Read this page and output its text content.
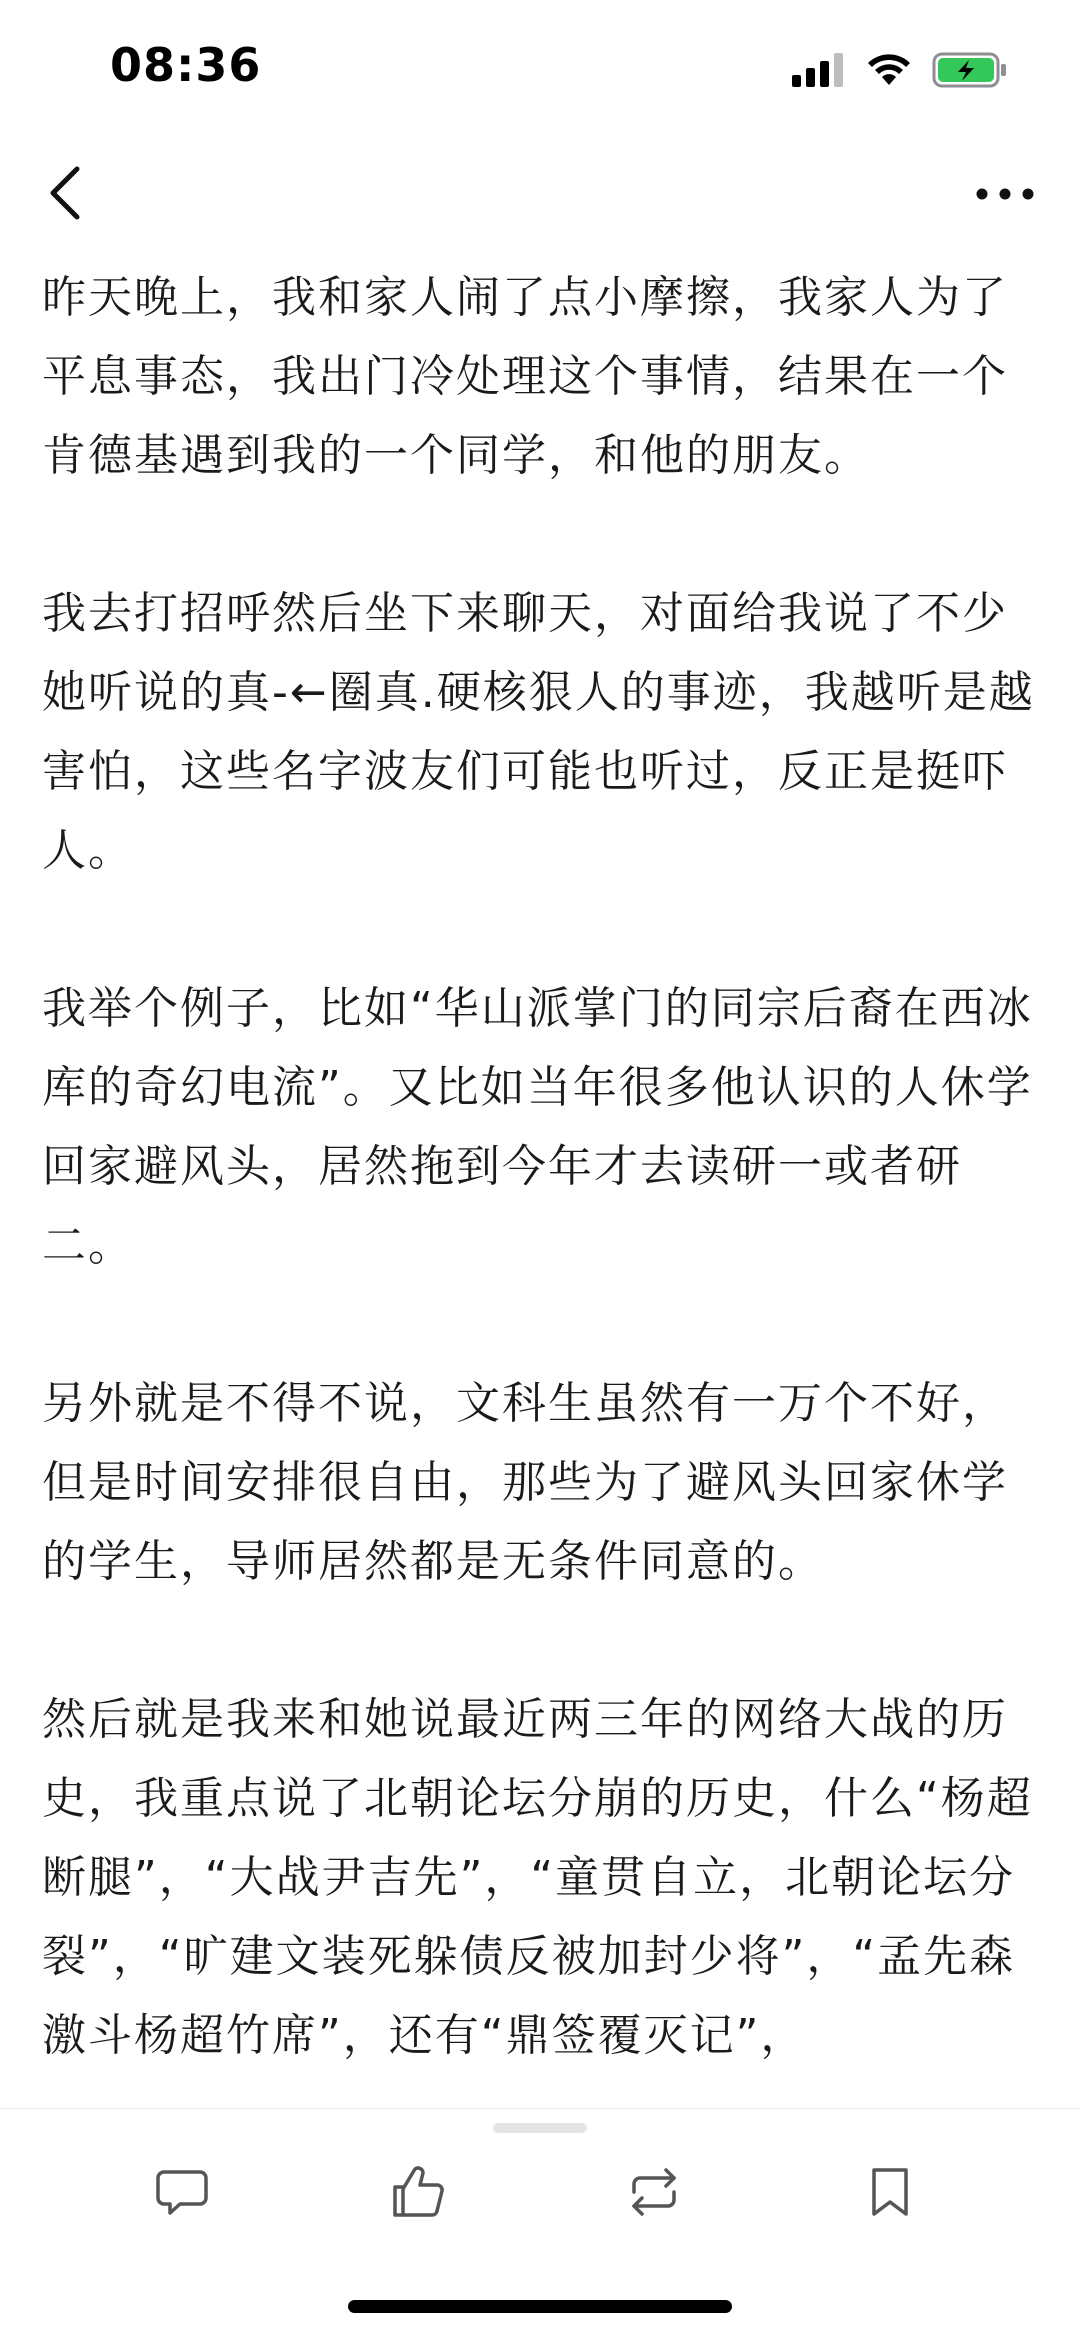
08:36

昨天晚上，我和家人闹了点小摩擦，我家人为了平息事态，我出门冷处理这个事情，结果在一个肯德基遇到我的一个同学，和他的朋友。

我去打招呼然后坐下来聊天，对面给我说了不少她听说的真-←圈真.硬核狠人的事迹，我越听是越害怕，这些名字波友们可能也听过，反正是挺吓人。

我举个例子，比如“华山派掌门的同宗后裔在西冰库的奇幻电流”。又比如当年很多他认识的人休学回家避风头，居然拖到今年才去读研一或者研二。

另外就是不得不说，文科生虽然有一万个不好，但是时间安排很自由，那些为了避风头回家休学的学生，导师居然都是无条件同意的。

然后就是我来和她说最近两三年的网络大战的历史，我重点说了北朝论坛分崩的历史，什么“杨超断腿”，“大战尹吉先”，“童贯自立，北朝论坛分裂”，“旷建文装死躲债反被加封少将”，“孟先森激斗杨超竹席”，还有“鼎签覆灭记”，
